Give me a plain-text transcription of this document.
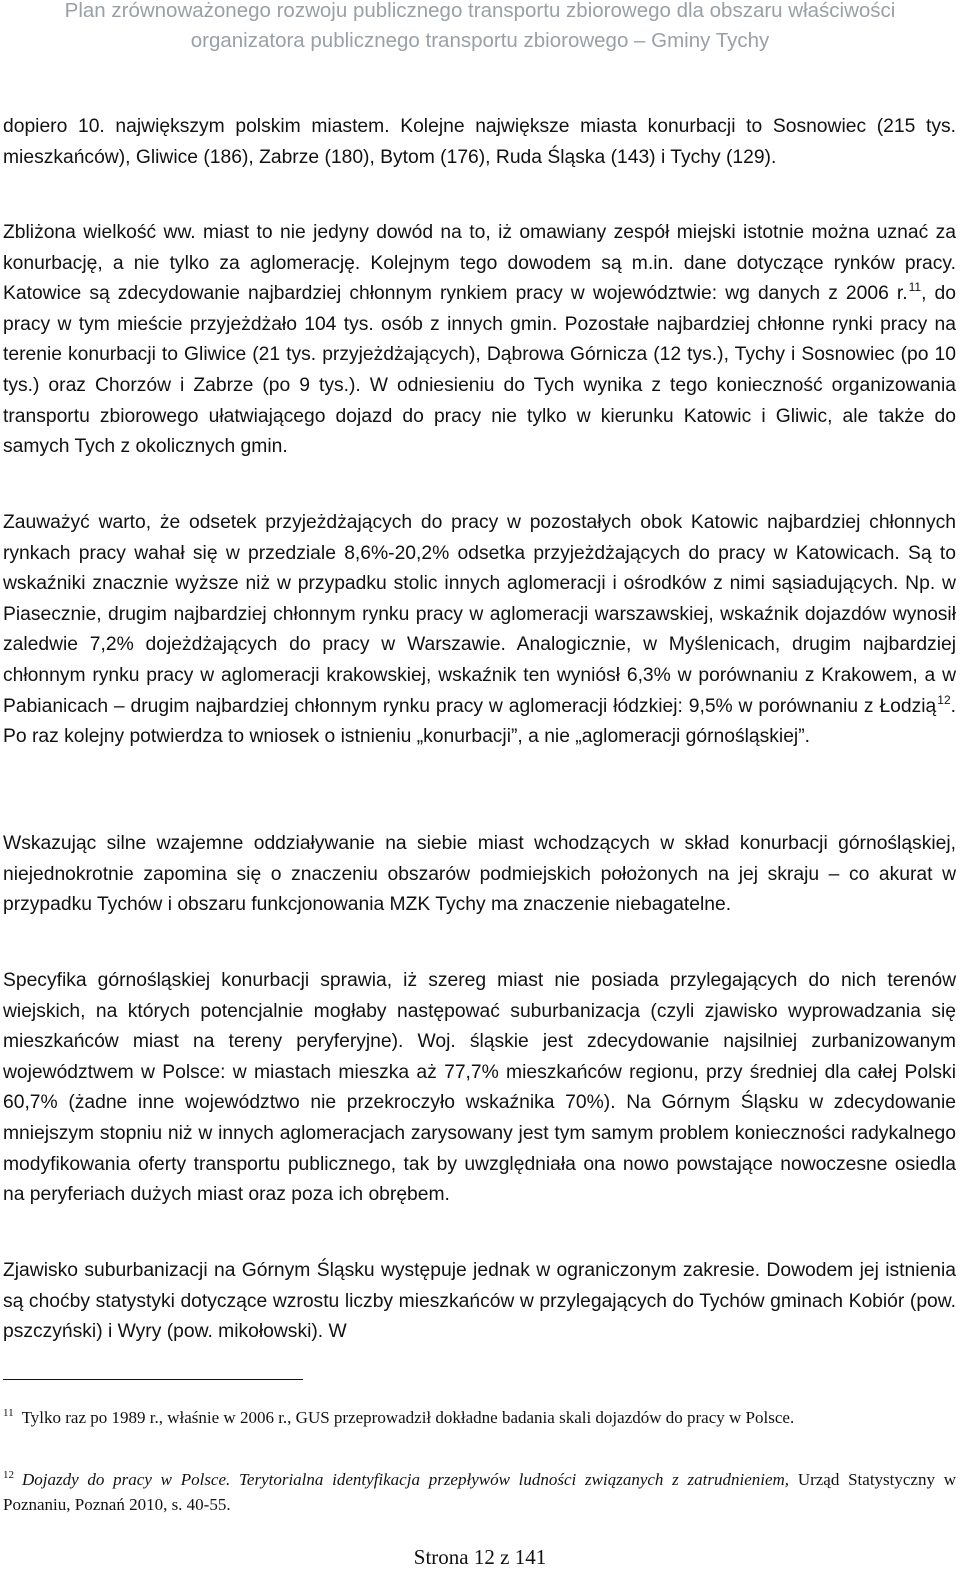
Plan zrównoważonego rozwoju publicznego transportu zbiorowego dla obszaru właściwości
organizatora publicznego transportu zbiorowego – Gminy Tychy

dopiero 10. największym polskim miastem. Kolejne największe miasta konurbacji to Sosnowiec (215 tys. mieszkańców), Gliwice (186), Zabrze (180), Bytom (176), Ruda Śląska (143) i Tychy (129).

Zbliżona wielkość ww. miast to nie jedyny dowód na to, iż omawiany zespół miejski istotnie można uznać za konurbację, a nie tylko za aglomerację. Kolejnym tego dowodem są m.in. dane dotyczące rynków pracy. Katowice są zdecydowanie najbardziej chłonnym rynkiem pracy w województwie: wg danych z 2006 r.$^{11}$, do pracy w tym mieście przyjeżdżało 104 tys. osób z innych gmin. Pozostałe najbardziej chłonne rynki pracy na terenie konurbacji to Gliwice (21 tys. przyjeżdżających), Dąbrowa Górnicza (12 tys.), Tychy i Sosnowiec (po 10 tys.) oraz Chorzów i Zabrze (po 9 tys.). W odniesieniu do Tych wynika z tego konieczność organizowania transportu zbiorowego ułatwiającego dojazd do pracy nie tylko w kierunku Katowic i Gliwic, ale także do samych Tych z okolicznych gmin.

Zauważyć warto, że odsetek przyjeżdżających do pracy w pozostałych obok Katowic najbardziej chłonnych rynkach pracy wahał się w przedziale 8,6%-20,2% odsetka przyjeżdżających do pracy w Katowicach. Są to wskaźniki znacznie wyższe niż w przypadku stolic innych aglomeracji i ośrodków z nimi sąsiadujących. Np. w Piasecznie, drugim najbardziej chłonnym rynku pracy w aglomeracji warszawskiej, wskaźnik dojazdów wynosił zaledwie 7,2% dojeżdżających do pracy w Warszawie. Analogicznie, w Myślenicach, drugim najbardziej chłonnym rynku pracy w aglomeracji krakowskiej, wskaźnik ten wyniósł 6,3% w porównaniu z Krakowem, a w Pabianicach – drugim najbardziej chłonnym rynku pracy w aglomeracji łódzkiej: 9,5% w porównaniu z Łodzią$^{12}$. Po raz kolejny potwierdza to wniosek o istnieniu „konurbacji”, a nie „aglomeracji górnośląskiej”.

Wskazując silne wzajemne oddziaływanie na siebie miast wchodzących w skład konurbacji górnośląskiej, niejednokrotnie zapomina się o znaczeniu obszarów podmiejskich położonych na jej skraju – co akurat w przypadku Tychów i obszaru funkcjonowania MZK Tychy ma znaczenie niebagatelne.

Specyfika górnośląskiej konurbacji sprawia, iż szereg miast nie posiada przylegających do nich terenów wiejskich, na których potencjalnie mogłaby następować suburbanizacja (czyli zjawisko wyprowadzania się mieszkańców miast na tereny peryferyjne). Woj. śląskie jest zdecydowanie najsilniej zurbanizowanym województwem w Polsce: w miastach mieszka aż 77,7% mieszkańców regionu, przy średniej dla całej Polski 60,7% (żadne inne województwo nie przekroczyło wskaźnika 70%). Na Górnym Śląsku w zdecydowanie mniejszym stopniu niż w innych aglomeracjach zarysowany jest tym samym problem konieczności radykalnego modyfikowania oferty transportu publicznego, tak by uwzględniała ona nowo powstające nowoczesne osiedla na peryferiach dużych miast oraz poza ich obrębem.

Zjawisko suburbanizacji na Górnym Śląsku występuje jednak w ograniczonym zakresie. Dowodem jej istnienia są choćby statystyki dotyczące wzrostu liczby mieszkańców w przylegających do Tychów gminach Kobiór (pow. pszczyński) i Wyry (pow. mikołowski). W

$^{11}$ Tylko raz po 1989 r., właśnie w 2006 r., GUS przeprowadził dokładne badania skali dojazdów do pracy w Polsce.

$^{12}$ Dojazdy do pracy w Polsce. Terytorialna identyfikacja przepływów ludności związanych z zatrudnieniem, Urząd Statystyczny w Poznaniu, Poznań 2010, s. 40-55.

Strona 12 z 141
